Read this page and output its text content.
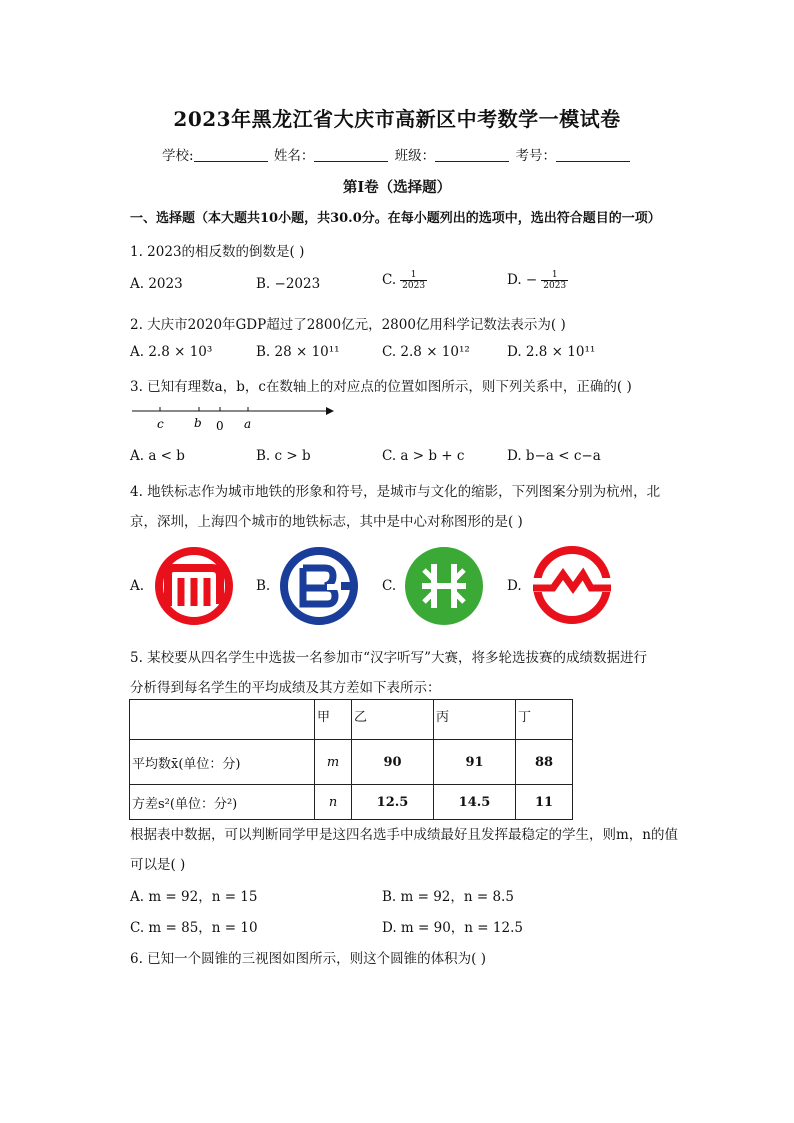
2023年黑龙江省大庆市高新区中考数学一模试卷
学校:	姓名：	班级：	考号：
第I卷（选择题）
一、选择题（本大题共10小题，共30.0分。在每小题列出的选项中，选出符合题目的一项）
1. 2023的相反数的倒数是( )
A. 2023	B. −2023	C. $\frac{1}{2023}$	D. − $\frac{1}{2023}$
2. 大庆市2020年GDP超过了2800亿元，2800亿用科学记数法表示为( )
A. 2.8 × 10³	B. 28 × 10¹¹	C. 2.8 × 10¹²	D. 2.8 × 10¹¹
3. 已知有理数a，b，c在数轴上的对应点的位置如图所示，则下列关系中，正确的( )
c	b 0 a
A. a < b	B. c > b	C. a > b + c	D. b−a < c−a
4. 地铁标志作为城市地铁的形象和符号，是城市与文化的缩影，下列图案分别为杭州，北
京，深圳，上海四个城市的地铁标志，其中是中心对称图形的是( )
A.	B.	C.	D.
5. 某校要从四名学生中选拔一名参加市“汉字听写”大赛，将多轮选拔赛的成绩数据进行
分析得到每名学生的平均成绩及其方差如下表所示：
	甲	乙	丙	丁
平均数x̄(单位：分)	m	90	91	88
方差s²(单位：分²)	n	12.5	14.5	11
根据表中数据，可以判断同学甲是这四名选手中成绩最好且发挥最稳定的学生，则m，n的值
可以是( )
A. m = 92，n = 15	B. m = 92，n = 8.5
C. m = 85，n = 10	D. m = 90，n = 12.5
6. 已知一个圆锥的三视图如图所示，则这个圆锥的体积为( )
